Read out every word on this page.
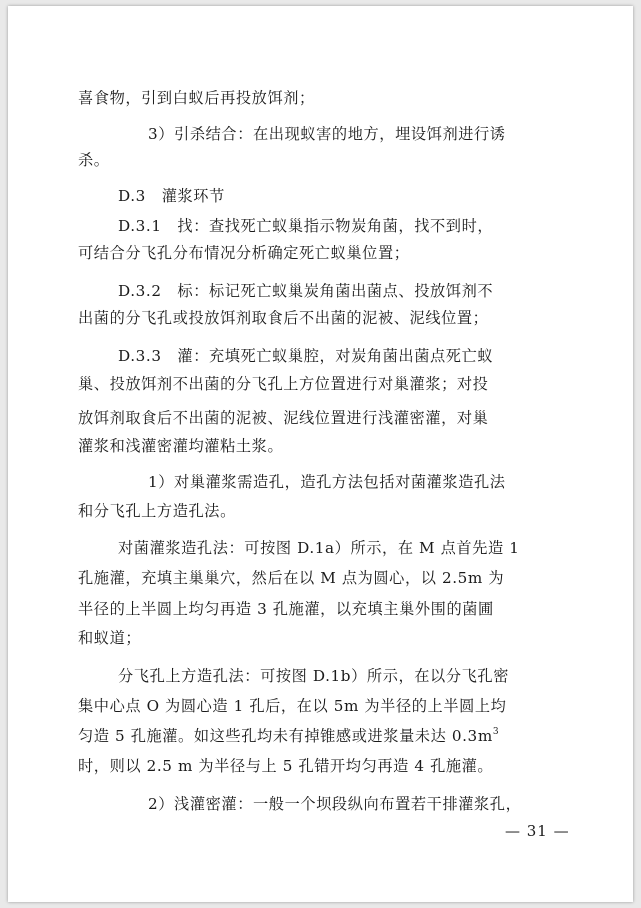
喜食物，引到白蚁后再投放饵剂；
3）引杀结合：在出现蚁害的地方，埋设饵剂进行诱
杀。
D.3　灌浆环节
D.3.1　找：查找死亡蚁巢指示物炭角菌，找不到时，
可结合分飞孔分布情况分析确定死亡蚁巢位置；
D.3.2　标：标记死亡蚁巢炭角菌出菌点、投放饵剂不
出菌的分飞孔或投放饵剂取食后不出菌的泥被、泥线位置；
D.3.3　灌：充填死亡蚁巢腔，对炭角菌出菌点死亡蚁
巢、投放饵剂不出菌的分飞孔上方位置进行对巢灌浆；对投
放饵剂取食后不出菌的泥被、泥线位置进行浅灌密灌，对巢
灌浆和浅灌密灌均灌粘土浆。
1）对巢灌浆需造孔，造孔方法包括对菌灌浆造孔法
和分飞孔上方造孔法。
对菌灌浆造孔法：可按图 D.1a）所示，在 M 点首先造 1
孔施灌，充填主巢巢穴，然后在以 M 点为圆心，以 2.5m 为
半径的上半圆上均匀再造 3 孔施灌，以充填主巢外围的菌圃
和蚁道；
分飞孔上方造孔法：可按图 D.1b）所示，在以分飞孔密
集中心点 O 为圆心造 1 孔后，在以 5m 为半径的上半圆上均
匀造 5 孔施灌。如这些孔均未有掉锥感或进浆量未达 $0.3m^3$
时，则以 2.5 m 为半径与上 5 孔错开均匀再造 4 孔施灌。
2）浅灌密灌：一般一个坝段纵向布置若干排灌浆孔，
— 31 —
